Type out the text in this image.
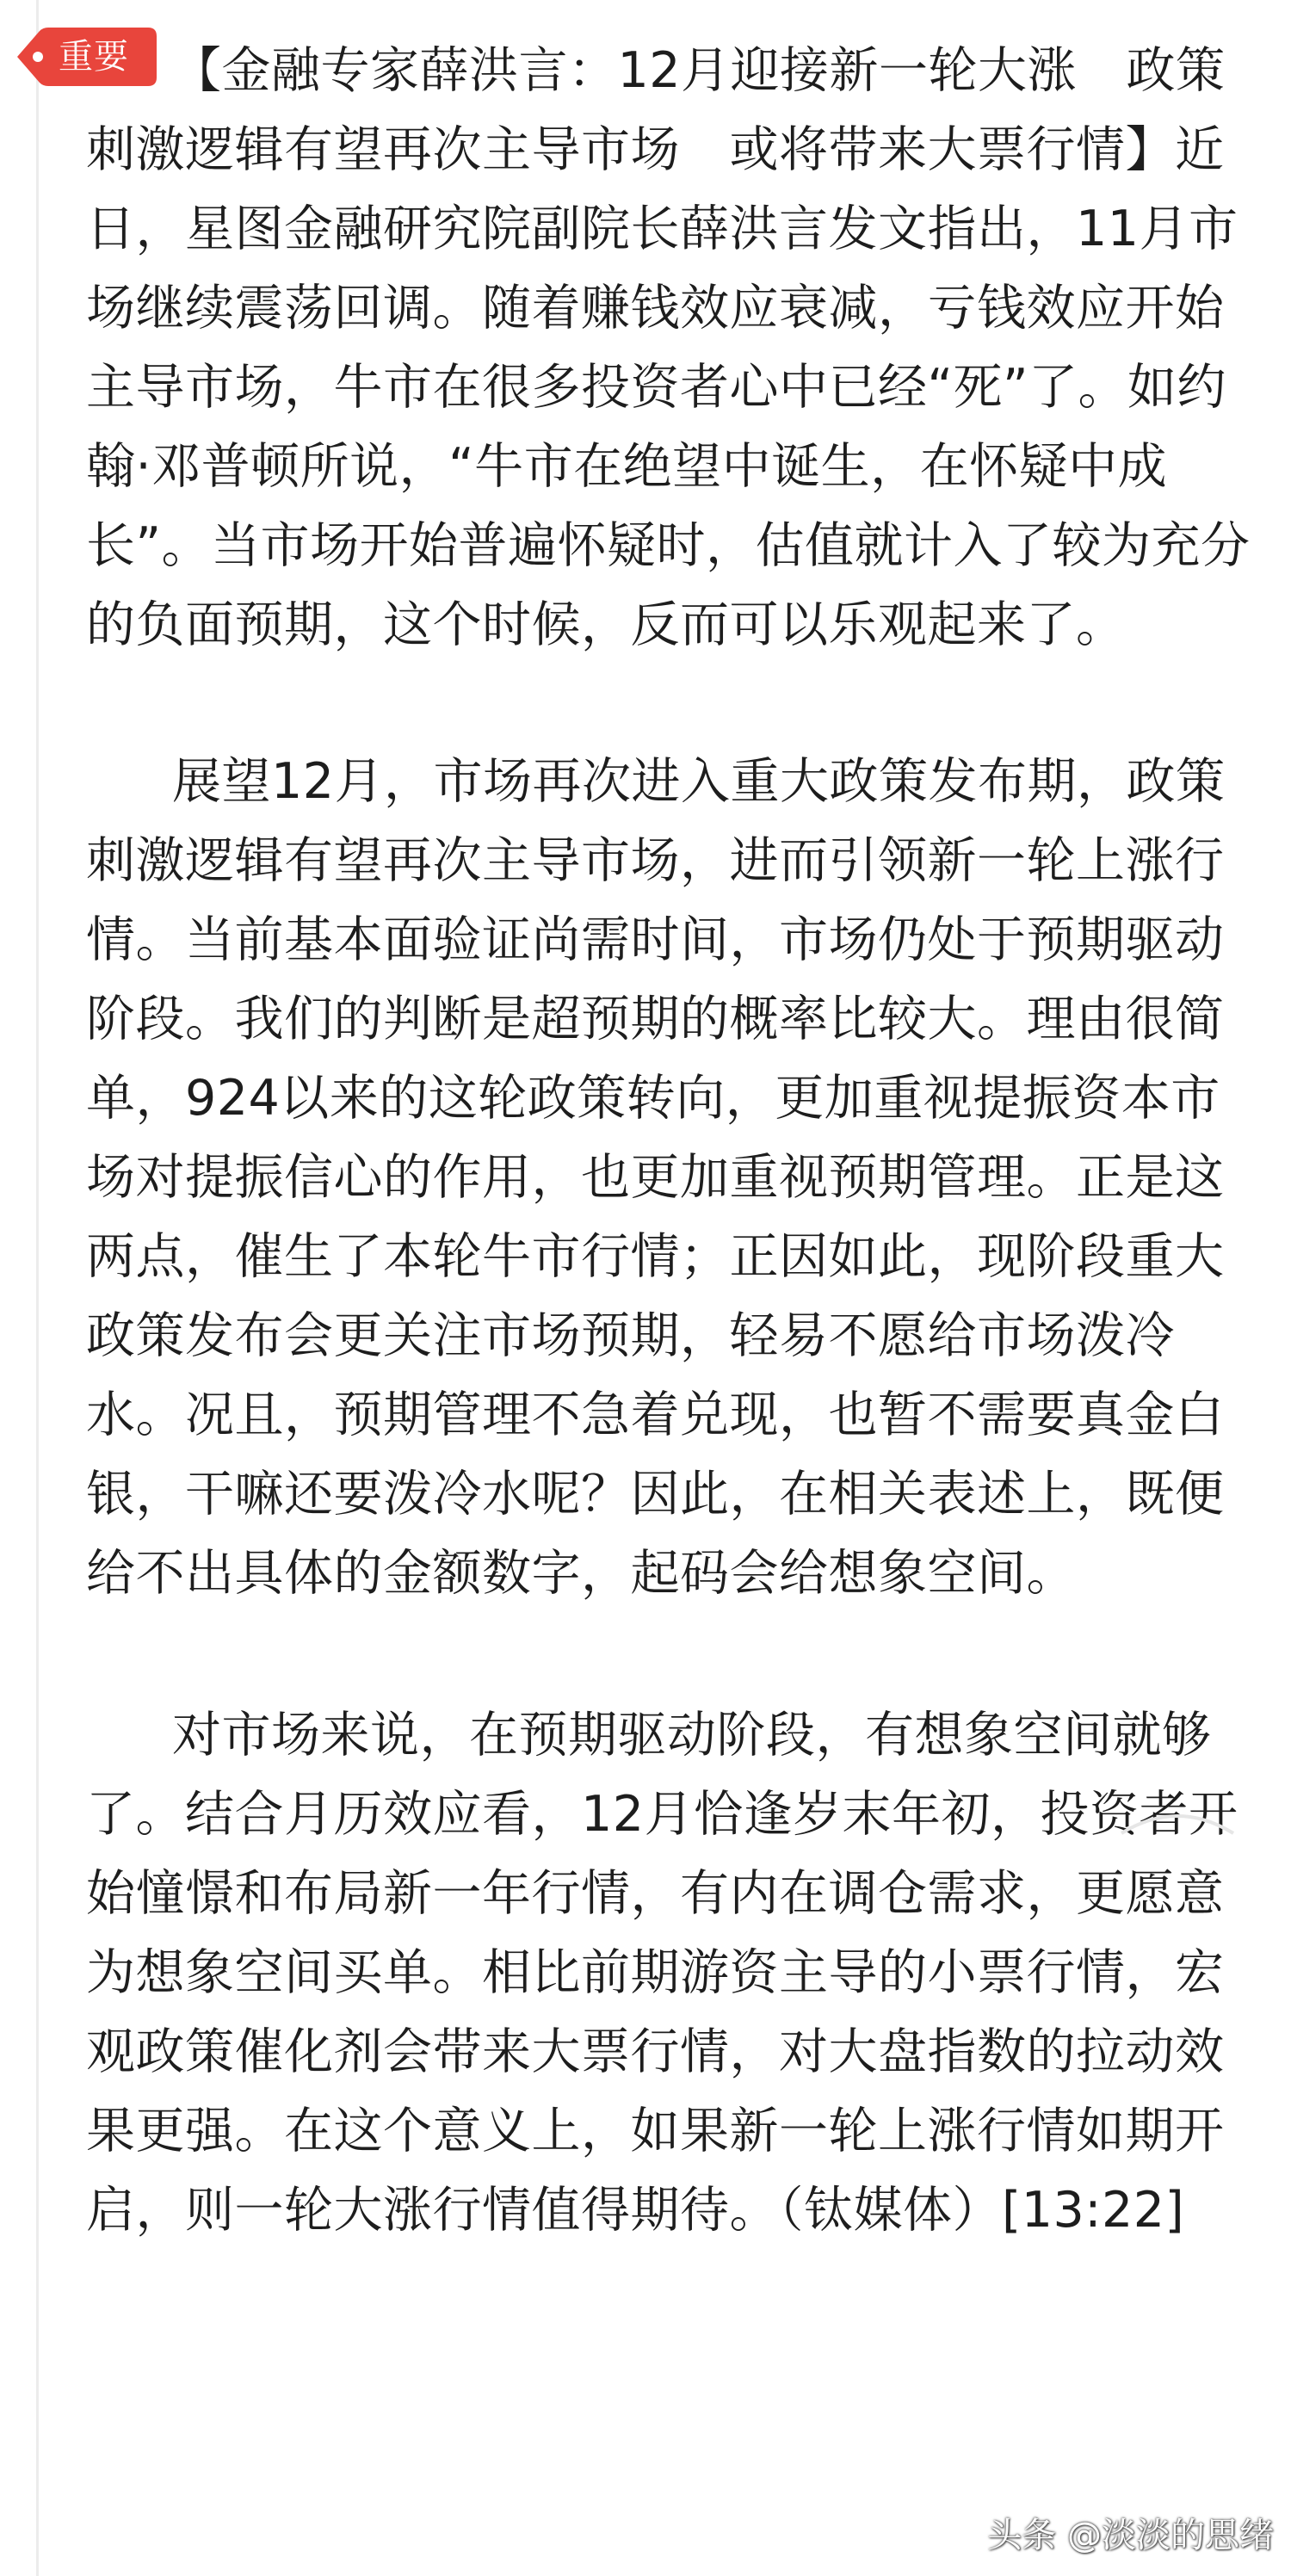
重要 【金融专家薛洪言：12月迎接新一轮大涨　政策刺激逻辑有望再次主导市场　或将带来大票行情】近日，星图金融研究院副院长薛洪言发文指出，11月市场继续震荡回调。随着赚钱效应衰减，亏钱效应开始主导市场，牛市在很多投资者心中已经“死”了。如约翰·邓普顿所说，“牛市在绝望中诞生，在怀疑中成长”。当市场开始普遍怀疑时，估值就计入了较为充分的负面预期，这个时候，反而可以乐观起来了。

展望12月，市场再次进入重大政策发布期，政策刺激逻辑有望再次主导市场，进而引领新一轮上涨行情。当前基本面验证尚需时间，市场仍处于预期驱动阶段。我们的判断是超预期的概率比较大。理由很简单，924以来的这轮政策转向，更加重视提振资本市场对提振信心的作用，也更加重视预期管理。正是这两点，催生了本轮牛市行情；正因如此，现阶段重大政策发布会更关注市场预期，轻易不愿给市场泼冷水。况且，预期管理不急着兑现，也暂不需要真金白银，干嘛还要泼冷水呢？因此，在相关表述上，既便给不出具体的金额数字，起码会给想象空间。

对市场来说，在预期驱动阶段，有想象空间就够了。结合月历效应看，12月恰逢岁末年初，投资者开始憧憬和布局新一年行情，有内在调仓需求，更愿意为想象空间买单。相比前期游资主导的小票行情，宏观政策催化剂会带来大票行情，对大盘指数的拉动效果更强。在这个意义上，如果新一轮上涨行情如期开启，则一轮大涨行情值得期待。（钛媒体）[13:22]

头条 @淡淡的思绪
